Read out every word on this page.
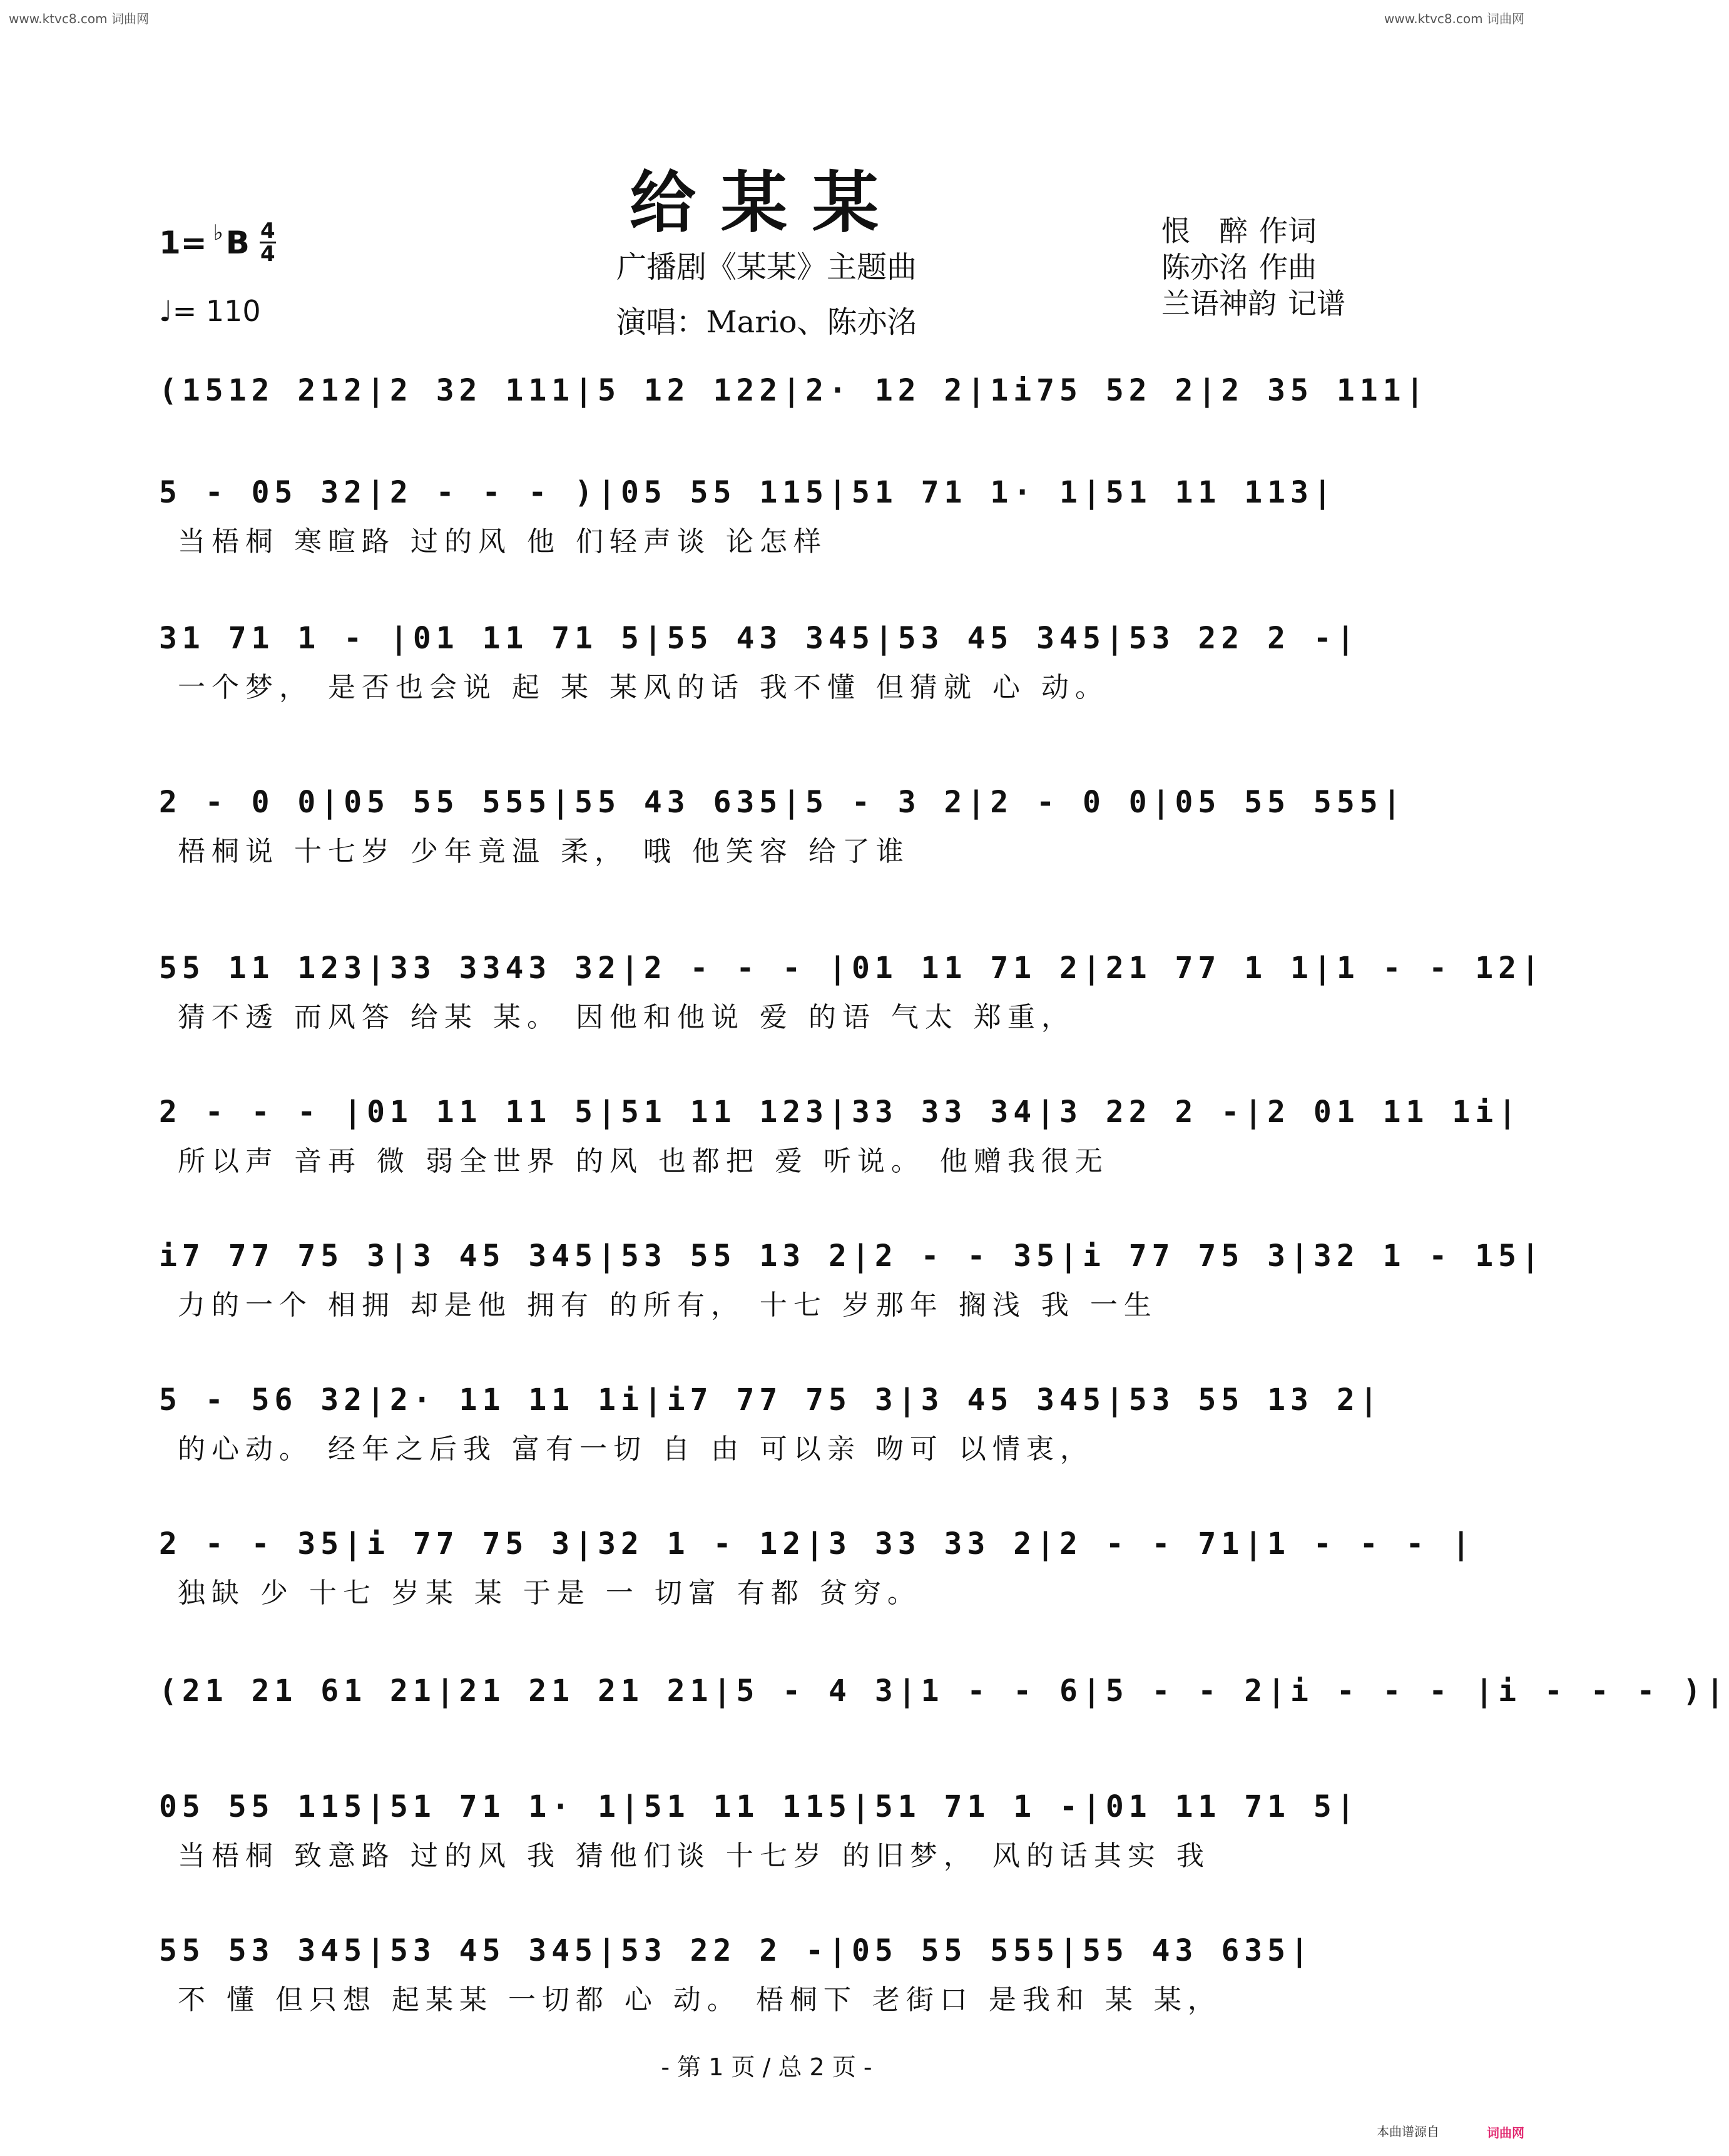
www.ktvc8.com 词曲网	www.ktvc8.com 词曲网
给某某
广播剧《某某》主题曲
演唱：Mario、陈亦洺
1= ♭ B 4
4
♩ = 110
恨　醉 作词
陈亦洺 作曲
兰语神韵 记谱
(1512 212|2 32 111|5 12 122|2· 12 2|1i75 52 2|2 35 111|
5 - 05 32|2 - - - )|05 55 115|51 71 1· 1|51 11 113|
当梧桐 寒暄路 过的风 他 们轻声谈 论怎样
31 71 1 - |01 11 71 5|55 43 345|53 45 345|53 22 2 -|
一个梦， 是否也会说 起 某 某风的话 我不懂 但猜就 心 动。
2 - 0 0|05 55 555|55 43 635|5 - 3 2|2 - 0 0|05 55 555|
梧桐说 十七岁 少年竟温 柔， 哦 他笑容 给了谁
55 11 123|33 3343 32|2 - - - |01 11 71 2|21 77 1 1|1 - - 12|
猜不透 而风答 给某 某。 因他和他说 爱 的语 气太 郑重，
2 - - - |01 11 11 5|51 11 123|33 33 34|3 22 2 -|2 01 11 1i|
所以声 音再 微 弱全世界 的风 也都把 爱 听说。 他赠我很无
i7 77 75 3|3 45 345|53 55 13 2|2 - - 35|i 77 75 3|32 1 - 15|
力的一个 相拥 却是他 拥有 的所有， 十七 岁那年 搁浅 我 一生
5 - 56 32|2· 11 11 1i|i7 77 75 3|3 45 345|53 55 13 2|
的心动。 经年之后我 富有一切 自 由 可以亲 吻可 以情衷，
2 - - 35|i 77 75 3|32 1 - 12|3 33 33 2|2 - - 71|1 - - - |
独缺 少 十七 岁某 某 于是 一 切富 有都 贫穷。
(21 21 61 21|21 21 21 21|5 - 4 3|1 - - 6|5 - - 2|i - - - |i - - - )|
05 55 115|51 71 1· 1|51 11 115|51 71 1 -|01 11 71 5|
当梧桐 致意路 过的风 我 猜他们谈 十七岁 的旧梦， 风的话其实 我
55 53 345|53 45 345|53 22 2 -|05 55 555|55 43 635|
不 懂 但只想 起某某 一切都 心 动。 梧桐下 老街口 是我和 某 某，
- 第 1 页 / 总 2 页 -
本曲谱源自	词曲网
